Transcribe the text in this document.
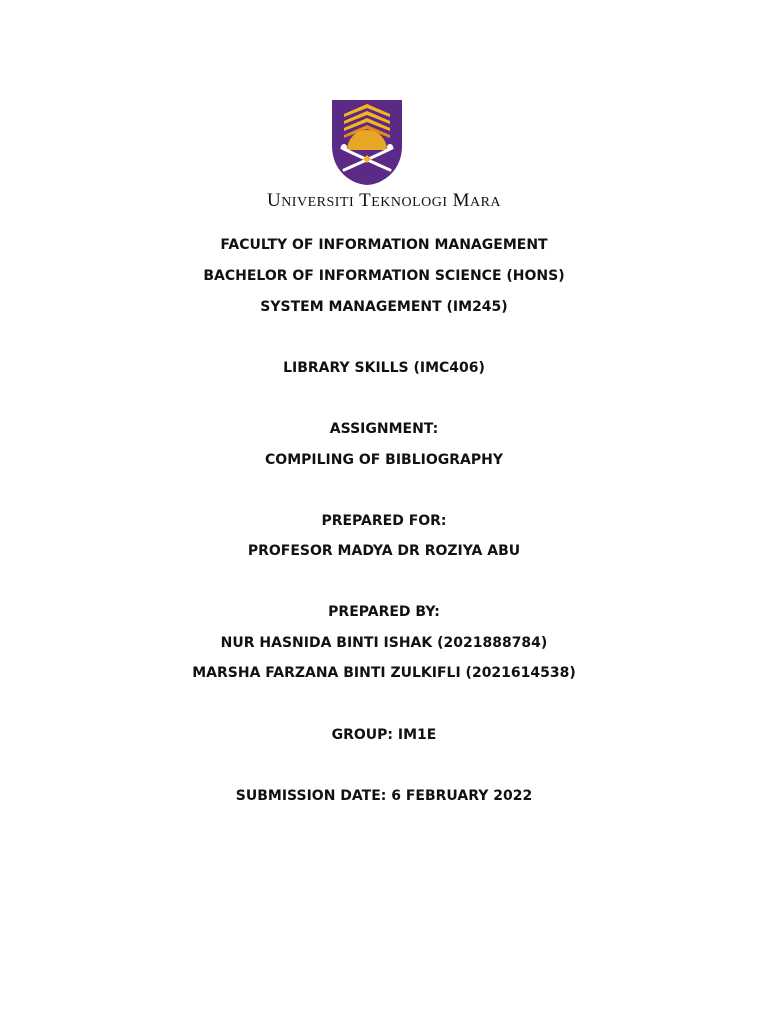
UNIVERSITI TEKNOLOGI MARA
FACULTY OF INFORMATION MANAGEMENT
BACHELOR OF INFORMATION SCIENCE (HONS)
SYSTEM MANAGEMENT (IM245)
LIBRARY SKILLS (IMC406)
ASSIGNMENT:
COMPILING OF BIBLIOGRAPHY
PREPARED FOR:
PROFESOR MADYA DR ROZIYA ABU
PREPARED BY:
NUR HASNIDA BINTI ISHAK (2021888784)
MARSHA FARZANA BINTI ZULKIFLI (2021614538)
GROUP: IM1E
SUBMISSION DATE: 6 FEBRUARY 2022
